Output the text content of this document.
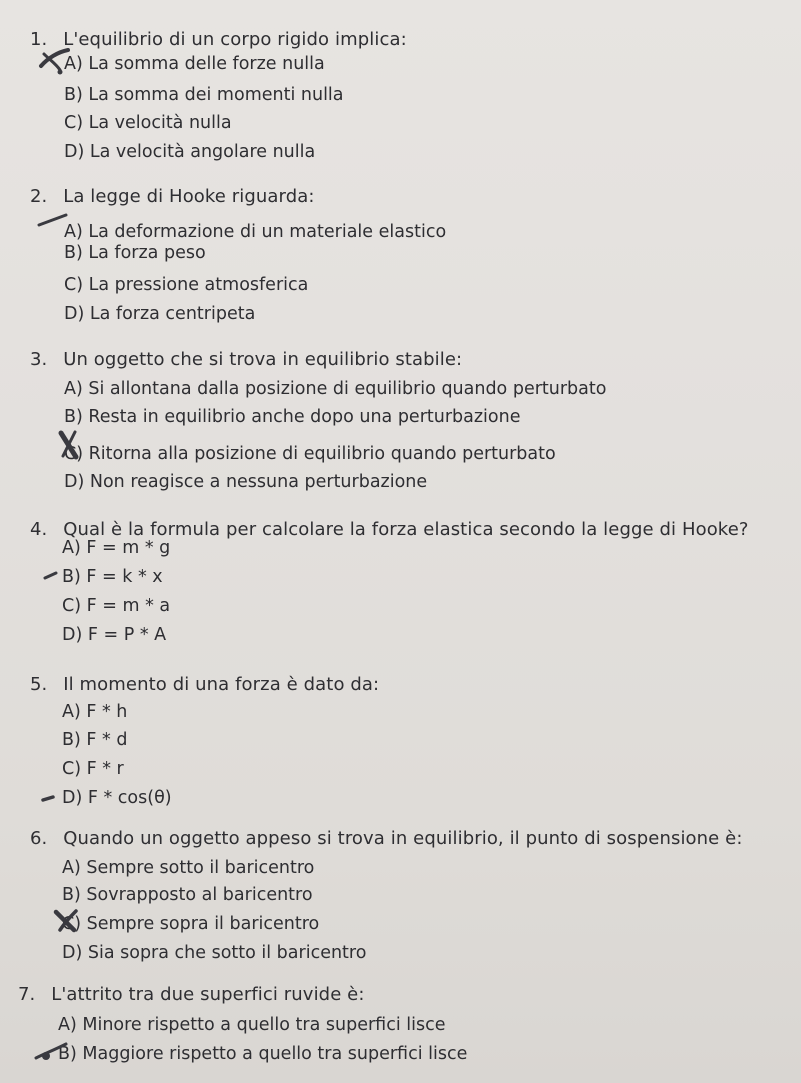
1. L'equilibrio di un corpo rigido implica:
A) La somma delle forze nulla
B) La somma dei momenti nulla
C) La velocità nulla
D) La velocità angolare nulla
2. La legge di Hooke riguarda:
A) La deformazione di un materiale elastico
B) La forza peso
C) La pressione atmosferica
D) La forza centripeta
3. Un oggetto che si trova in equilibrio stabile:
A) Si allontana dalla posizione di equilibrio quando perturbato
B) Resta in equilibrio anche dopo una perturbazione
C) Ritorna alla posizione di equilibrio quando perturbato
D) Non reagisce a nessuna perturbazione
4. Qual è la formula per calcolare la forza elastica secondo la legge di Hooke?
A) F = m * g
B) F = k * x
C) F = m * a
D) F = P * A
5. Il momento di una forza è dato da:
A) F * h
B) F * d
C) F * r
D) F * cos(θ)
6. Quando un oggetto appeso si trova in equilibrio, il punto di sospensione è:
A) Sempre sotto il baricentro
B) Sovrapposto al baricentro
C) Sempre sopra il baricentro
D) Sia sopra che sotto il baricentro
7. L'attrito tra due superfici ruvide è:
A) Minore rispetto a quello tra superfici lisce
B) Maggiore rispetto a quello tra superfici lisce
